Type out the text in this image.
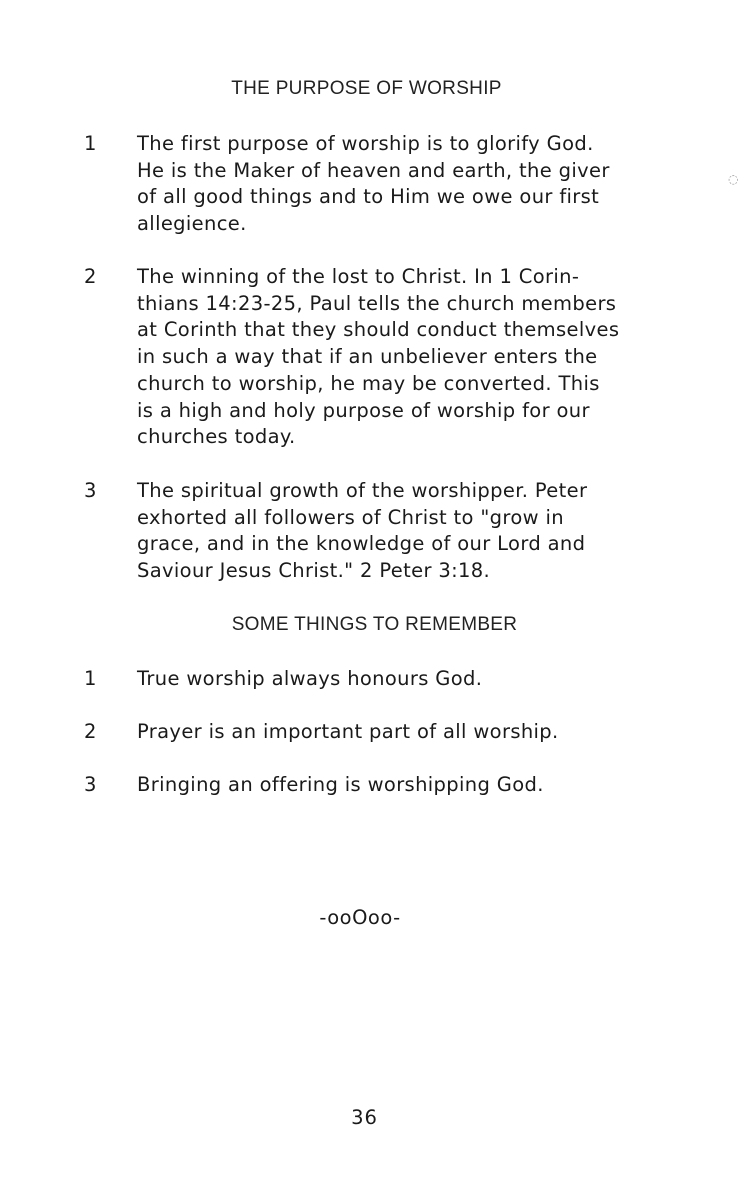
THE PURPOSE OF WORSHIP
1	The first purpose of worship is to glorify God.
He is the Maker of heaven and earth, the giver
of all good things and to Him we owe our first
allegience.
2	The winning of the lost to Christ. In 1 Corin-
thians 14:23-25, Paul tells the church members
at Corinth that they should conduct themselves
in such a way that if an unbeliever enters the
church to worship, he may be converted. This
is a high and holy purpose of worship for our
churches today.
3	The spiritual growth of the worshipper. Peter
exhorted all followers of Christ to "grow in
grace, and in the knowledge of our Lord and
Saviour Jesus Christ." 2 Peter 3:18.
SOME THINGS TO REMEMBER
1	True worship always honours God.
2	Prayer is an important part of all worship.
3	Bringing an offering is worshipping God.
-ooOoo-
36
◌
